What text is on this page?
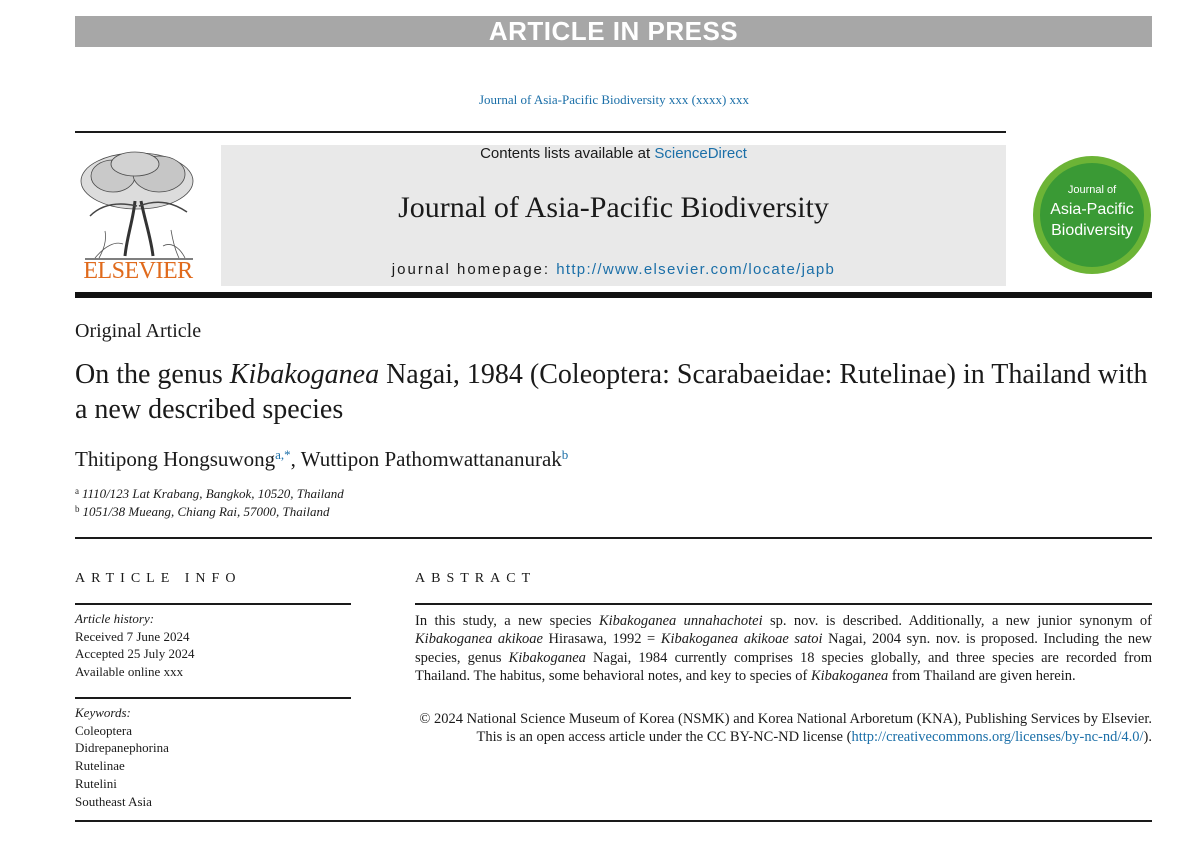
ARTICLE IN PRESS
Journal of Asia-Pacific Biodiversity xxx (xxxx) xxx
ELSEVIER
Contents lists available at ScienceDirect
Journal of Asia-Pacific Biodiversity
journal homepage: http://www.elsevier.com/locate/japb
Journal of
Asia-Pacific
Biodiversity
Original Article
On the genus Kibakoganea Nagai, 1984 (Coleoptera: Scarabaeidae: Rutelinae) in Thailand with a new described species
Thitipong Hongsuwong$^{a,*}$, Wuttipon Pathomwattananurak$^b$
$^a$ 1110/123 Lat Krabang, Bangkok, 10520, Thailand
$^b$ 1051/38 Mueang, Chiang Rai, 57000, Thailand
ARTICLE INFO	ABSTRACT
Article history:
Received 7 June 2024
Accepted 25 July 2024
Available online xxx
Keywords:
Coleoptera
Didrepanephorina
Rutelinae
Rutelini
Southeast Asia
In this study, a new species Kibakoganea unnahachotei sp. nov. is described. Additionally, a new junior synonym of Kibakoganea akikoae Hirasawa, 1992 = Kibakoganea akikoae satoi Nagai, 2004 syn. nov. is proposed. Including the new species, genus Kibakoganea Nagai, 1984 currently comprises 18 species globally, and three species are recorded from Thailand. The habitus, some behavioral notes, and key to species of Kibakoganea from Thailand are given herein.
© 2024 National Science Museum of Korea (NSMK) and Korea National Arboretum (KNA), Publishing Services by Elsevier. This is an open access article under the CC BY-NC-ND license (http://creativecommons.org/licenses/by-nc-nd/4.0/).
